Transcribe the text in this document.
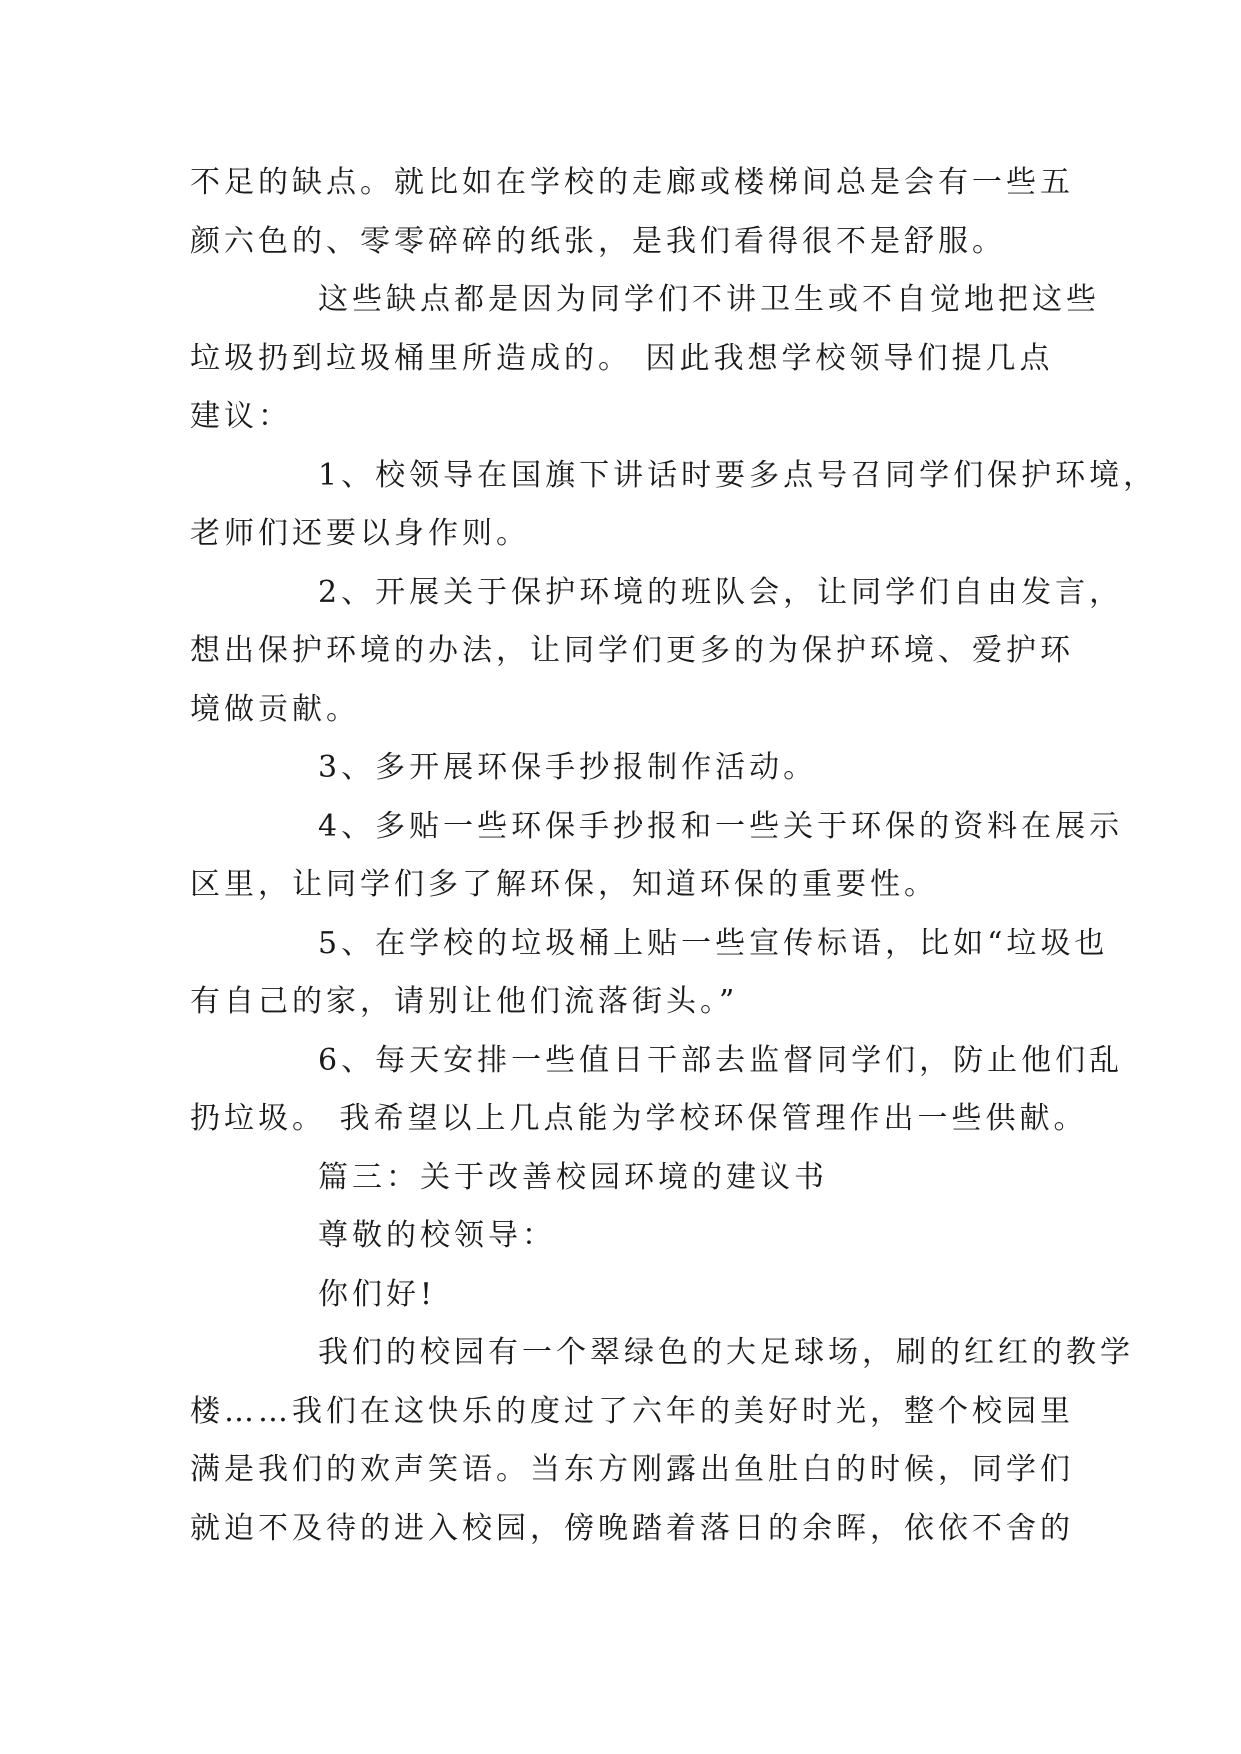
不足的缺点。就比如在学校的走廊或楼梯间总是会有一些五
颜六色的、零零碎碎的纸张，是我们看得很不是舒服。

这些缺点都是因为同学们不讲卫生或不自觉地把这些
垃圾扔到垃圾桶里所造成的。 因此我想学校领导们提几点
建议：

1、校领导在国旗下讲话时要多点号召同学们保护环境，
老师们还要以身作则。

2、开展关于保护环境的班队会，让同学们自由发言，
想出保护环境的办法，让同学们更多的为保护环境、爱护环
境做贡献。

3、多开展环保手抄报制作活动。

4、多贴一些环保手抄报和一些关于环保的资料在展示
区里，让同学们多了解环保，知道环保的重要性。

5、在学校的垃圾桶上贴一些宣传标语，比如“垃圾也
有自己的家，请别让他们流落街头。”

6、每天安排一些值日干部去监督同学们，防止他们乱
扔垃圾。 我希望以上几点能为学校环保管理作出一些供献。

篇三：关于改善校园环境的建议书

尊敬的校领导：

你们好!

我们的校园有一个翠绿色的大足球场，刷的红红的教学
楼……我们在这快乐的度过了六年的美好时光，整个校园里
满是我们的欢声笑语。当东方刚露出鱼肚白的时候，同学们
就迫不及待的进入校园，傍晚踏着落日的余晖，依依不舍的
